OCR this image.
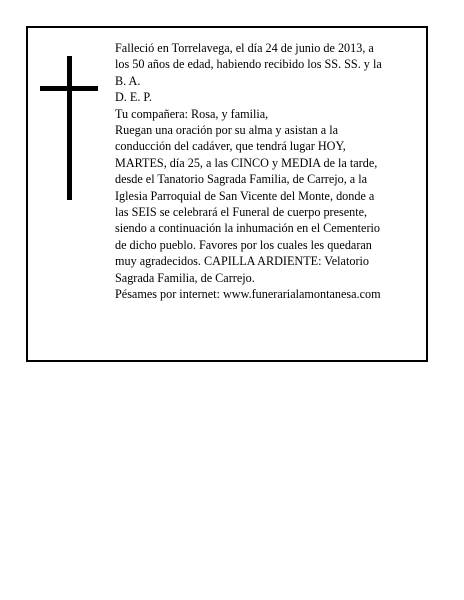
Falleció en Torrelavega, el día 24 de junio de 2013, a
los 50 años de edad, habiendo recibido los SS. SS. y la
B. A.
D. E. P.
Tu compañera: Rosa, y familia,
Ruegan una oración por su alma y asistan a la
conducción del cadáver, que tendrá lugar HOY,
MARTES, día 25, a las CINCO y MEDIA de la tarde,
desde el Tanatorio Sagrada Familia, de Carrejo, a la
Iglesia Parroquial de San Vicente del Monte, donde a
las SEIS se celebrará el Funeral de cuerpo presente,
siendo a continuación la inhumación en el Cementerio
de dicho pueblo. Favores por los cuales les quedaran
muy agradecidos. CAPILLA ARDIENTE: Velatorio
Sagrada Familia, de Carrejo.
Pésames por internet: www.funerarialamontanesa.com
